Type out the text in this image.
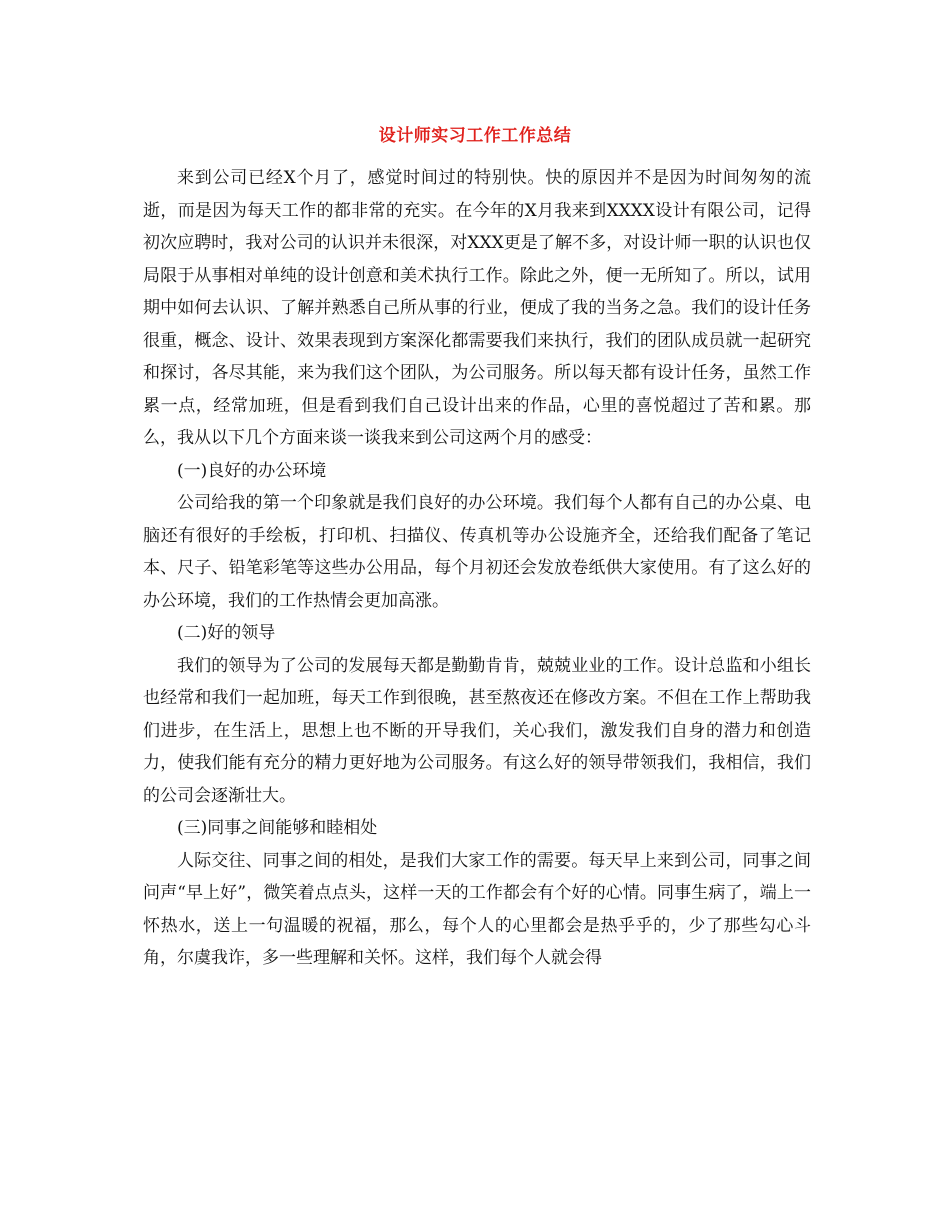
设计师实习工作工作总结

来到公司已经X个月了，感觉时间过的特别快。快的原因并不是因为时间匆匆的流逝，而是因为每天工作的都非常的充实。在今年的X月我来到XXXX设计有限公司，记得初次应聘时，我对公司的认识并未很深，对XXX更是了解不多，对设计师一职的认识也仅局限于从事相对单纯的设计创意和美术执行工作。除此之外，便一无所知了。所以，试用期中如何去认识、了解并熟悉自己所从事的行业，便成了我的当务之急。我们的设计任务很重，概念、设计、效果表现到方案深化都需要我们来执行，我们的团队成员就一起研究和探讨，各尽其能，来为我们这个团队，为公司服务。所以每天都有设计任务，虽然工作累一点，经常加班，但是看到我们自己设计出来的作品，心里的喜悦超过了苦和累。那么，我从以下几个方面来谈一谈我来到公司这两个月的感受：

(一)良好的办公环境

公司给我的第一个印象就是我们良好的办公环境。我们每个人都有自己的办公桌、电脑还有很好的手绘板，打印机、扫描仪、传真机等办公设施齐全，还给我们配备了笔记本、尺子、铅笔彩笔等这些办公用品，每个月初还会发放卷纸供大家使用。有了这么好的办公环境，我们的工作热情会更加高涨。

(二)好的领导

我们的领导为了公司的发展每天都是勤勤肯肯，兢兢业业的工作。设计总监和小组长也经常和我们一起加班，每天工作到很晚，甚至熬夜还在修改方案。不但在工作上帮助我们进步，在生活上，思想上也不断的开导我们，关心我们，激发我们自身的潜力和创造力，使我们能有充分的精力更好地为公司服务。有这么好的领导带领我们，我相信，我们的公司会逐渐壮大。

(三)同事之间能够和睦相处

人际交往、同事之间的相处，是我们大家工作的需要。每天早上来到公司，同事之间问声“早上好”，微笑着点点头，这样一天的工作都会有个好的心情。同事生病了，端上一怀热水，送上一句温暖的祝福，那么，每个人的心里都会是热乎乎的，少了那些勾心斗角，尔虞我诈，多一些理解和关怀。这样，我们每个人就会得
